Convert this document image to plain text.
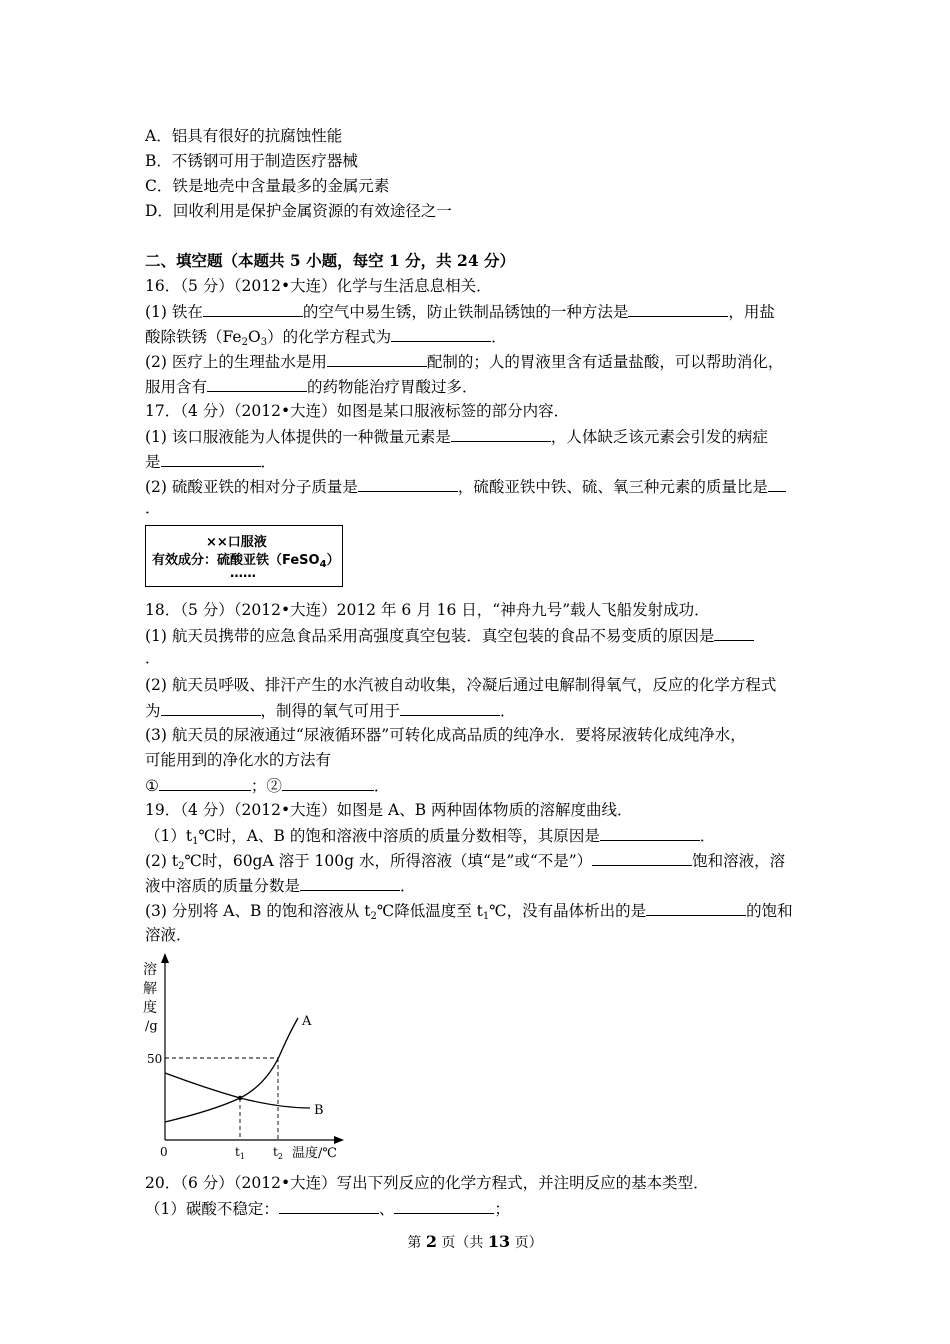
A．铝具有很好的抗腐蚀性能
B．不锈钢可用于制造医疗器械
C．铁是地壳中含量最多的金属元素
D．回收利用是保护金属资源的有效途径之一
二、填空题（本题共 5 小题，每空 1 分，共 24 分）
16．（5 分）（2012•大连）化学与生活息息相关．
(1) 铁在	的空气中易生锈，防止铁制品锈蚀的一种方法是	，用盐
酸除铁锈$(Fe_2O_3)$的化学方程式为	．
(2) 医疗上的生理盐水是用	配制的；人的胃液里含有适量盐酸，可以帮助消化，
服用含有	的药物能治疗胃酸过多．
17．（4 分）（2012•大连）如图是某口服液标签的部分内容．
(1) 该口服液能为人体提供的一种微量元素是	，人体缺乏该元素会引发的病症
是	．
(2) 硫酸亚铁的相对分子质量是	，硫酸亚铁中铁、硫、氧三种元素的质量比是
．
××口服液
有效成分：硫酸亚铁（FeSO$_4$）
……
18．（5 分）（2012•大连）2012 年 6 月 16 日，“神舟九号”载人飞船发射成功．
(1) 航天员携带的应急食品采用高强度真空包装．真空包装的食品不易变质的原因是
．
(2) 航天员呼吸、排汗产生的水汽被自动收集，冷凝后通过电解制得氧气，反应的化学方程式
为	，制得的氧气可用于	．
(3) 航天员的尿液通过“尿液循环器”可转化成高品质的纯净水．要将尿液转化成纯净水，
可能用到的净化水的方法有
①	；②	．
19．（4 分）（2012•大连）如图是 A、B 两种固体物质的溶解度曲线．
$(1)t_1℃$时，A、B 的饱和溶液中溶质的质量分数相等，其原因是	．
(2) $t_2℃$时，60gA 溶于 100g 水，所得溶液（填“是”或“不是”）	饱和溶液，溶
液中溶质的质量分数是	．
(3) 分别将 A、B 的饱和溶液从 $t_2℃$降低温度至 $t_1℃$，没有晶体析出的是	的饱和
溶液．
溶
解
度
/g
50
A
B
0	$t_1$ $t_2$ 温度/℃
20．（6 分）（2012•大连）写出下列反应的化学方程式，并注明反应的基本类型．
（1）碳酸不稳定：	、	；
第 2 页（共 13 页）
